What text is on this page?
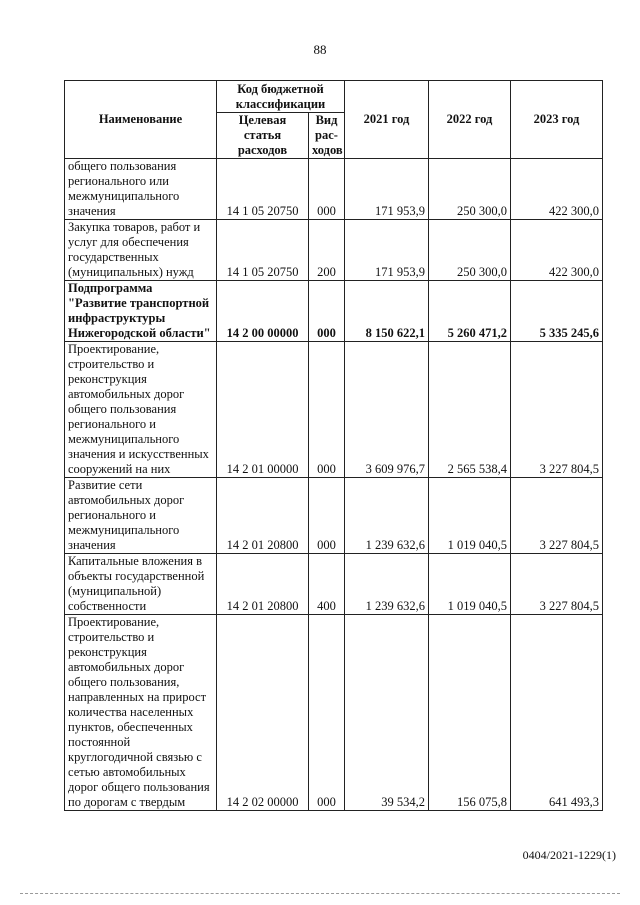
88
Наименование	Код бюджетной классификации		2021 год	2022 год	2023 год
	Целевая статья расходов	Вид рас-ходов			
общего пользования регионального или межмуниципального значения	14 1 05 20750	000	171 953,9	250 300,0	422 300,0
Закупка товаров, работ и услуг для обеспечения государственных (муниципальных) нужд	14 1 05 20750	200	171 953,9	250 300,0	422 300,0
Подпрограмма "Развитие транспортной инфраструктуры Нижегородской области"	14 2 00 00000	000	8 150 622,1	5 260 471,2	5 335 245,6
Проектирование, строительство и реконструкция автомобильных дорог общего пользования регионального и межмуниципального значения и искусственных сооружений на них	14 2 01 00000	000	3 609 976,7	2 565 538,4	3 227 804,5
Развитие сети автомобильных дорог регионального и межмуниципального значения	14 2 01 20800	000	1 239 632,6	1 019 040,5	3 227 804,5
Капитальные вложения в объекты государственной (муниципальной) собственности	14 2 01 20800	400	1 239 632,6	1 019 040,5	3 227 804,5
Проектирование, строительство и реконструкция автомобильных дорог общего пользования, направленных на прирост количества населенных пунктов, обеспеченных постоянной круглогодичной связью с сетью автомобильных дорог общего пользования по дорогам с твердым	14 2 02 00000	000	39 534,2	156 075,8	641 493,3
0404/2021-1229(1)
